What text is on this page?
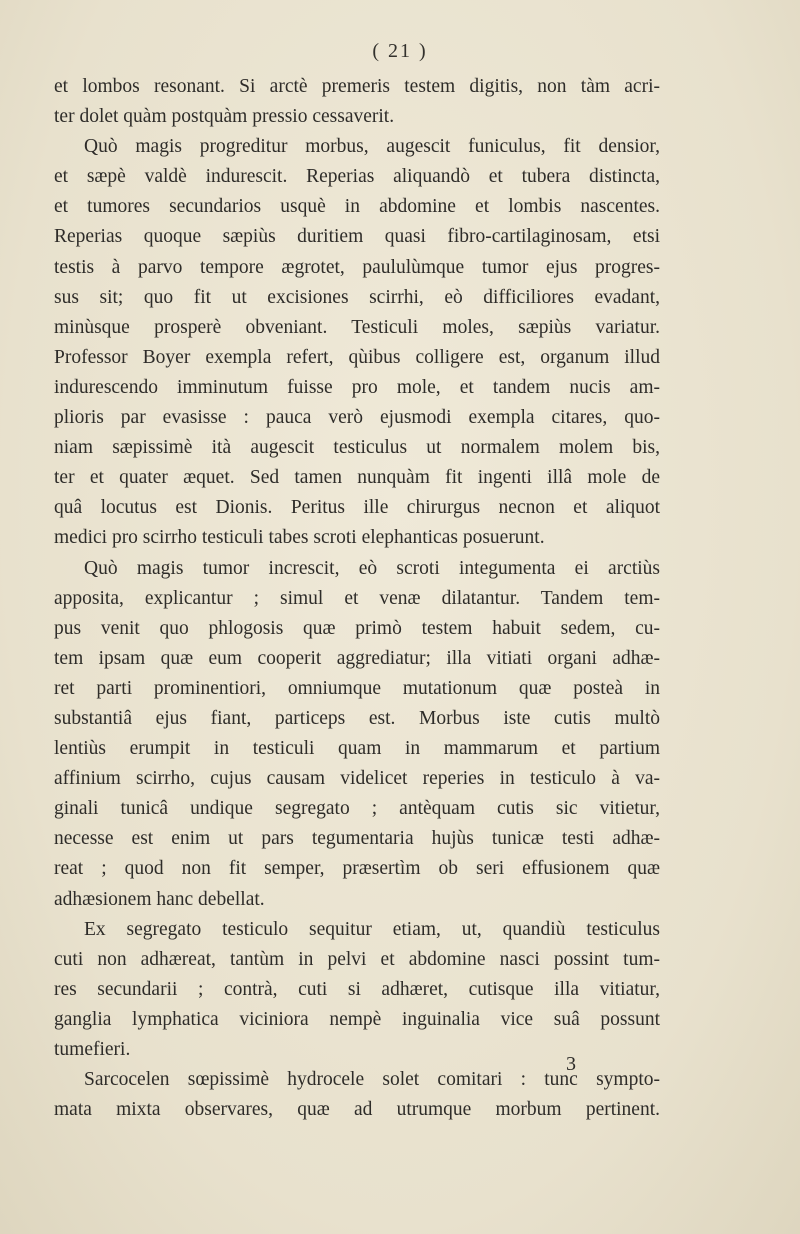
( 21 )
et lombos resonant. Si arctè premeris testem digitis, non tàm acri-
ter dolet quàm postquàm pressio cessaverit.
Quò magis progreditur morbus, augescit funiculus, fit densior,
et sæpè valdè indurescit. Reperias aliquandò et tubera distincta,
et tumores secundarios usquè in abdomine et lombis nascentes.
Reperias quoque sæpiùs duritiem quasi fibro-cartilaginosam, etsi
testis à parvo tempore ægrotet, paululùmque tumor ejus progres-
sus sit; quo fit ut excisiones scirrhi, eò difficiliores evadant,
minùsque prosperè obveniant. Testiculi moles, sæpiùs variatur.
Professor Boyer exempla refert, qùibus colligere est, organum illud
indurescendo imminutum fuisse pro mole, et tandem nucis am-
plioris par evasisse : pauca verò ejusmodi exempla citares, quo-
niam sæpissimè ità augescit testiculus ut normalem molem bis,
ter et quater æquet. Sed tamen nunquàm fit ingenti illâ mole de
quâ locutus est Dionis. Peritus ille chirurgus necnon et aliquot
medici pro scirrho testiculi tabes scroti elephanticas posuerunt.
Quò magis tumor increscit, eò scroti integumenta ei arctiùs
apposita, explicantur ; simul et venæ dilatantur. Tandem tem-
pus venit quo phlogosis quæ primò testem habuit sedem, cu-
tem ipsam quæ eum cooperit aggrediatur; illa vitiati organi adhæ-
ret parti prominentiori, omniumque mutationum quæ posteà in
substantiâ ejus fiant, particeps est. Morbus iste cutis multò
lentiùs erumpit in testiculi quam in mammarum et partium
affinium scirrho, cujus causam videlicet reperies in testiculo à va-
ginali tunicâ undique segregato ; antèquam cutis sic vitietur,
necesse est enim ut pars tegumentaria hujùs tunicæ testi adhæ-
reat ; quod non fit semper, præsertìm ob seri effusionem quæ
adhæsionem hanc debellat.
Ex segregato testiculo sequitur etiam, ut, quandiù testiculus
cuti non adhæreat, tantùm in pelvi et abdomine nasci possint tum-
res secundarii ; contrà, cuti si adhæret, cutisque illa vitiatur,
ganglia lymphatica viciniora nempè inguinalia vice suâ possunt
tumefieri.
Sarcocelen sœpissimè hydrocele solet comitari : tunc sympto-
mata mixta observares, quæ ad utrumque morbum pertinent.
3
